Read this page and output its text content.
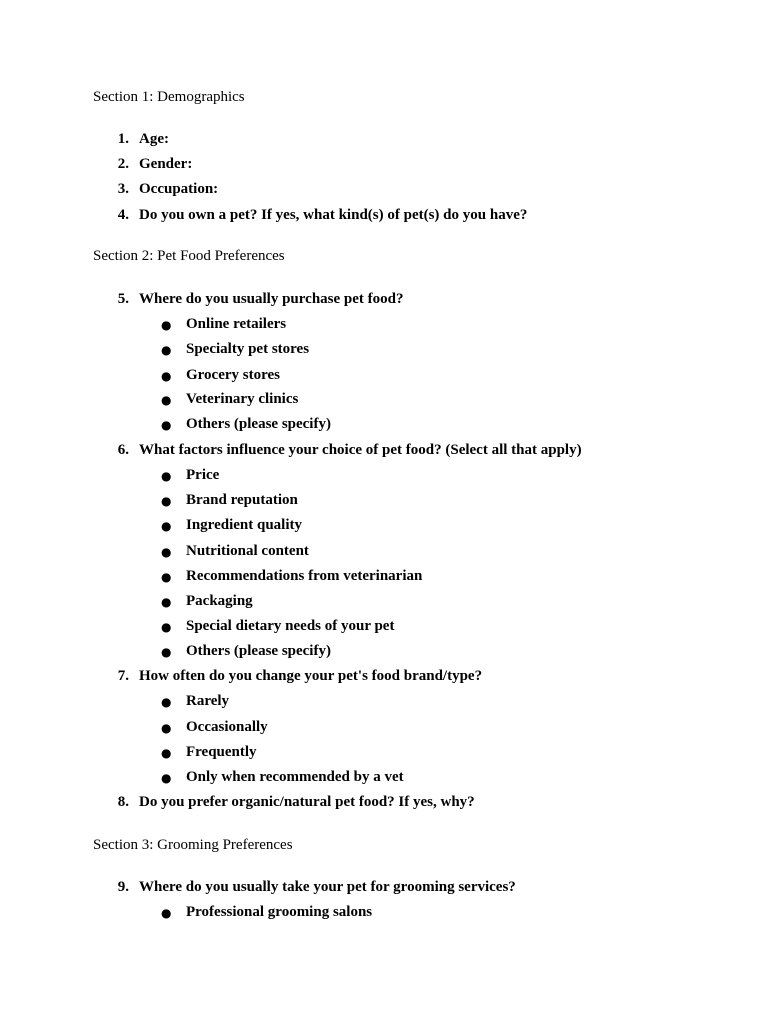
Section 1: Demographics
1. Age:
2. Gender:
3. Occupation:
4. Do you own a pet? If yes, what kind(s) of pet(s) do you have?
Section 2: Pet Food Preferences
5. Where do you usually purchase pet food?
● Online retailers
● Specialty pet stores
● Grocery stores
● Veterinary clinics
● Others (please specify)
6. What factors influence your choice of pet food? (Select all that apply)
● Price
● Brand reputation
● Ingredient quality
● Nutritional content
● Recommendations from veterinarian
● Packaging
● Special dietary needs of your pet
● Others (please specify)
7. How often do you change your pet's food brand/type?
● Rarely
● Occasionally
● Frequently
● Only when recommended by a vet
8. Do you prefer organic/natural pet food? If yes, why?
Section 3: Grooming Preferences
9. Where do you usually take your pet for grooming services?
● Professional grooming salons
